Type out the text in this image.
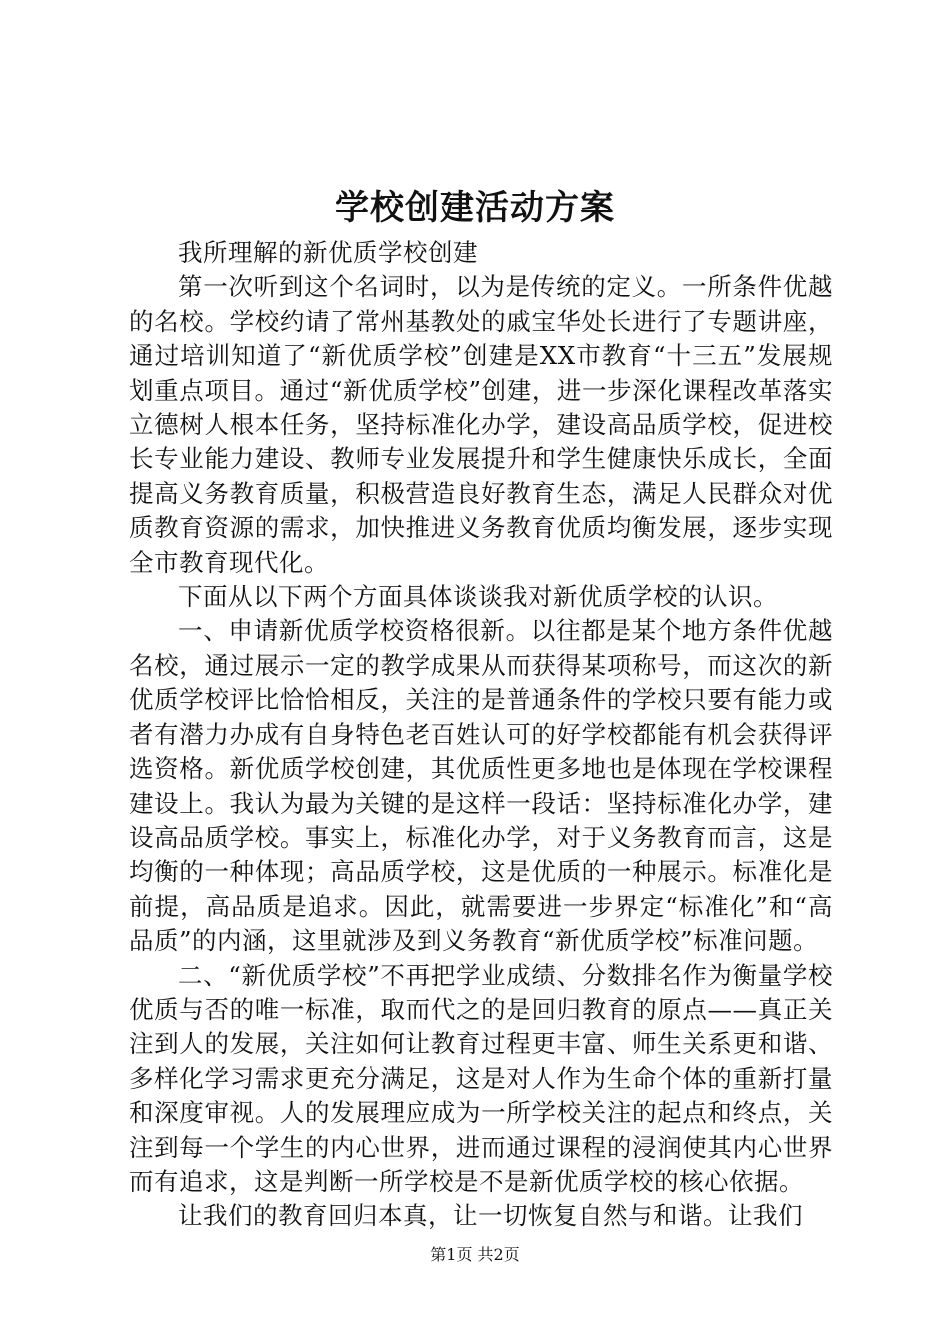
学校创建活动方案

我所理解的新优质学校创建

第一次听到这个名词时，以为是传统的定义。一所条件优越的名校。学校约请了常州基教处的戚宝华处长进行了专题讲座，通过培训知道了“新优质学校”创建是XX市教育“十三五”发展规划重点项目。通过“新优质学校”创建，进一步深化课程改革落实立德树人根本任务，坚持标准化办学，建设高品质学校，促进校长专业能力建设、教师专业发展提升和学生健康快乐成长，全面提高义务教育质量，积极营造良好教育生态，满足人民群众对优质教育资源的需求，加快推进义务教育优质均衡发展，逐步实现全市教育现代化。

下面从以下两个方面具体谈谈我对新优质学校的认识。

一、申请新优质学校资格很新。以往都是某个地方条件优越名校，通过展示一定的教学成果从而获得某项称号，而这次的新优质学校评比恰恰相反，关注的是普通条件的学校只要有能力或者有潜力办成有自身特色老百姓认可的好学校都能有机会获得评选资格。新优质学校创建，其优质性更多地也是体现在学校课程建设上。我认为最为关键的是这样一段话：坚持标准化办学，建设高品质学校。事实上，标准化办学，对于义务教育而言，这是均衡的一种体现；高品质学校，这是优质的一种展示。标准化是前提，高品质是追求。因此，就需要进一步界定“标准化”和“高品质”的内涵，这里就涉及到义务教育“新优质学校”标准问题。

二、“新优质学校”不再把学业成绩、分数排名作为衡量学校优质与否的唯一标准，取而代之的是回归教育的原点——真正关注到人的发展，关注如何让教育过程更丰富、师生关系更和谐、多样化学习需求更充分满足，这是对人作为生命个体的重新打量和深度审视。人的发展理应成为一所学校关注的起点和终点，关注到每一个学生的内心世界，进而通过课程的浸润使其内心世界而有追求，这是判断一所学校是不是新优质学校的核心依据。

让我们的教育回归本真，让一切恢复自然与和谐。让我们

第1页 共2页
